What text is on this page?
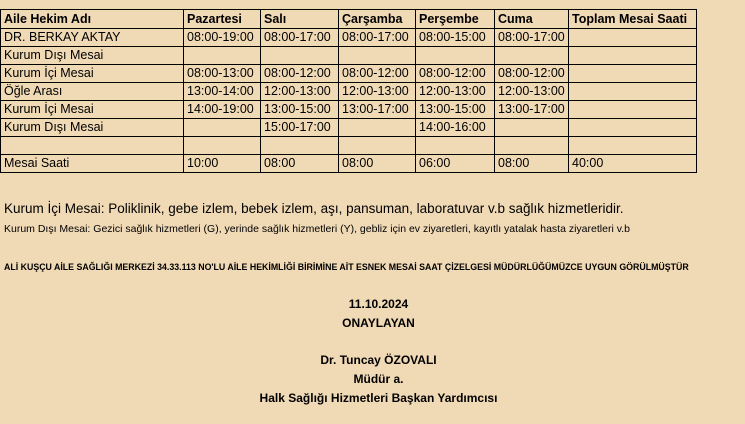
Aile Hekim Adı	Pazartesi	Salı	Çarşamba	Perşembe	Cuma	Toplam Mesai Saati
DR. BERKAY AKTAY	08:00-19:00	08:00-17:00	08:00-17:00	08:00-15:00	08:00-17:00	
Kurum Dışı Mesai						
Kurum İçi Mesai	08:00-13:00	08:00-12:00	08:00-12:00	08:00-12:00	08:00-12:00	
Öğle Arası	13:00-14:00	12:00-13:00	12:00-13:00	12:00-13:00	12:00-13:00	
Kurum İçi Mesai	14:00-19:00	13:00-15:00	13:00-17:00	13:00-15:00	13:00-17:00	
Kurum Dışı Mesai		15:00-17:00		14:00-16:00		

Mesai Saati	10:00	08:00	08:00	06:00	08:00	40:00
Kurum İçi Mesai: Poliklinik, gebe izlem, bebek izlem, aşı, pansuman, laboratuvar v.b sağlık hizmetleridir.
Kurum Dışı Mesai: Gezici sağlık hizmetleri (G), yerinde sağlık hizmetleri (Y), gebliz için ev ziyaretleri, kayıtlı yatalak hasta ziyaretleri v.b
ALİ KUŞÇU AİLE SAĞLIĞI MERKEZİ 34.33.113 NO'LU AİLE HEKİMLİĞİ BİRİMİNE AİT ESNEK MESAİ SAAT ÇİZELGESİ MÜDÜRLÜĞÜMÜZCE UYGUN GÖRÜLMÜŞTÜR
11.10.2024
ONAYLAYAN
Dr. Tuncay ÖZOVALI
Müdür a.
Halk Sağlığı Hizmetleri Başkan Yardımcısı
